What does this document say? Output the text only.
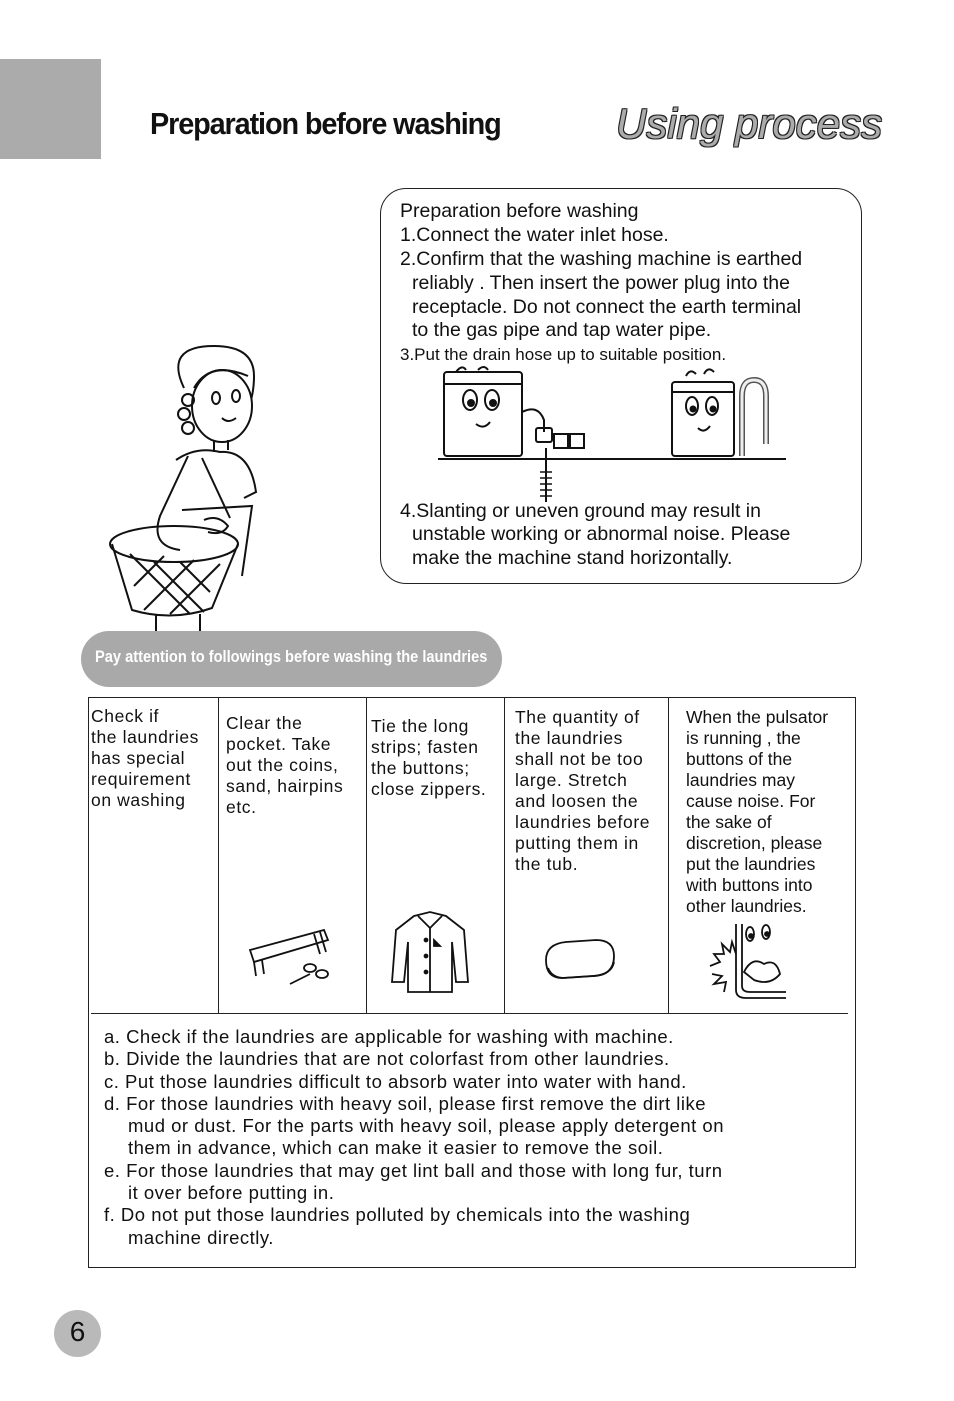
Preparation before washing	Using process
Preparation before washing
1.Connect the water inlet hose.
2.Confirm that the washing machine is earthed
reliably . Then insert the power plug into the
receptacle. Do not connect the earth terminal
to the gas pipe and tap water pipe.
3.Put the drain hose up to suitable position.
4.Slanting or uneven ground may result in
unstable working or abnormal noise. Please
make the machine stand horizontally.
Pay attention to followings before washing the laundries
Check if
the laundries
has special
requirement
on washing
Clear the
pocket. Take
out the coins,
sand, hairpins
etc.
Tie the long
strips; fasten
the buttons;
close zippers.
The quantity of
the laundries
shall not be too
large. Stretch
and loosen the
laundries before
putting them in
the tub.
When the pulsator
is running , the
buttons of the
laundries may
cause noise. For
the sake of
discretion, please
put the laundries
with buttons into
other laundries.
a. Check if the laundries are applicable for washing with machine.
b. Divide the laundries that are not colorfast from other laundries.
c. Put those laundries difficult to absorb water into water with hand.
d. For those laundries with heavy soil, please first remove the dirt like
mud or dust. For the parts with heavy soil, please apply detergent on
them in advance, which can make it easier to remove the soil.
e. For those laundries that may get lint ball and those with long fur, turn
it over before putting in.
f. Do not put those laundries polluted by chemicals into the washing
machine directly.
6
